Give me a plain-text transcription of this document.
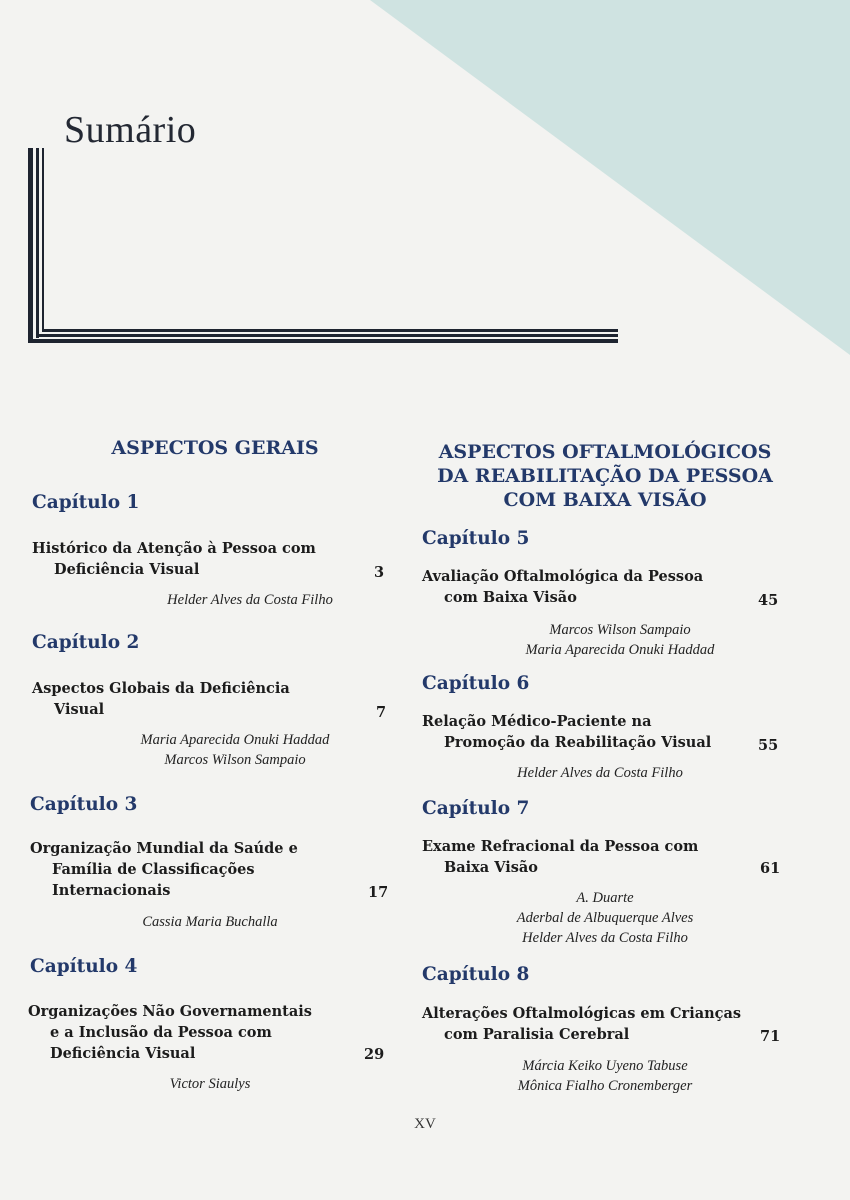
Sumário
ASPECTOS GERAIS
Capítulo 1
Histórico da Atenção à Pessoa com
Deficiência Visual	3
Helder Alves da Costa Filho
Capítulo 2
Aspectos Globais da Deficiência
Visual	7
Maria Aparecida Onuki Haddad
Marcos Wilson Sampaio
Capítulo 3
Organização Mundial da Saúde e
Família de Classificações
Internacionais	17
Cassia Maria Buchalla
Capítulo 4
Organizações Não Governamentais
e a Inclusão da Pessoa com
Deficiência Visual	29
Victor Siaulys
ASPECTOS OFTALMOLÓGICOS
DA REABILITAÇÃO DA PESSOA
COM BAIXA VISÃO
Capítulo 5
Avaliação Oftalmológica da Pessoa
com Baixa Visão	45
Marcos Wilson Sampaio
Maria Aparecida Onuki Haddad
Capítulo 6
Relação Médico-Paciente na
Promoção da Reabilitação Visual	55
Helder Alves da Costa Filho
Capítulo 7
Exame Refracional da Pessoa com
Baixa Visão	61
A. Duarte
Aderbal de Albuquerque Alves
Helder Alves da Costa Filho
Capítulo 8
Alterações Oftalmológicas em Crianças
com Paralisia Cerebral	71
Márcia Keiko Uyeno Tabuse
Mônica Fialho Cronemberger
XV
